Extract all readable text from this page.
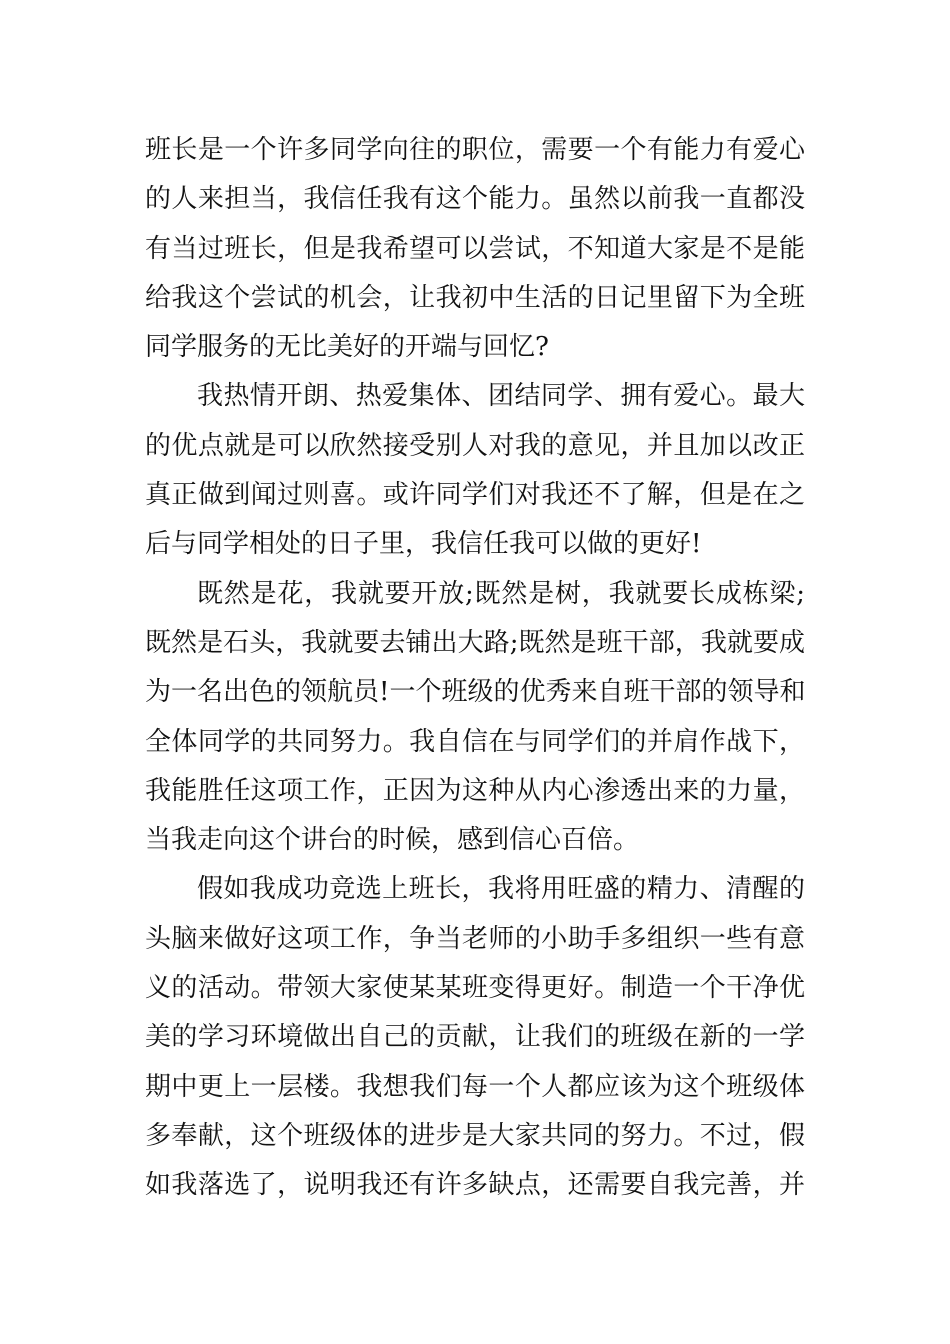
班长是一个许多同学向往的职位，需要一个有能力有爱心
的人来担当，我信任我有这个能力。虽然以前我一直都没
有当过班长，但是我希望可以尝试，不知道大家是不是能
给我这个尝试的机会，让我初中生活的日记里留下为全班
同学服务的无比美好的开端与回忆?
我热情开朗、热爱集体、团结同学、拥有爱心。最大
的优点就是可以欣然接受别人对我的意见，并且加以改正
真正做到闻过则喜。或许同学们对我还不了解，但是在之
后与同学相处的日子里，我信任我可以做的更好!
既然是花，我就要开放;既然是树，我就要长成栋梁;
既然是石头，我就要去铺出大路;既然是班干部，我就要成
为一名出色的领航员!一个班级的优秀来自班干部的领导和
全体同学的共同努力。我自信在与同学们的并肩作战下，
我能胜任这项工作，正因为这种从内心渗透出来的力量，
当我走向这个讲台的时候，感到信心百倍。
假如我成功竞选上班长，我将用旺盛的精力、清醒的
头脑来做好这项工作，争当老师的小助手多组织一些有意
义的活动。带领大家使某某班变得更好。制造一个干净优
美的学习环境做出自己的贡献，让我们的班级在新的一学
期中更上一层楼。我想我们每一个人都应该为这个班级体
多奉献，这个班级体的进步是大家共同的努力。不过，假
如我落选了，说明我还有许多缺点，还需要自我完善，并
